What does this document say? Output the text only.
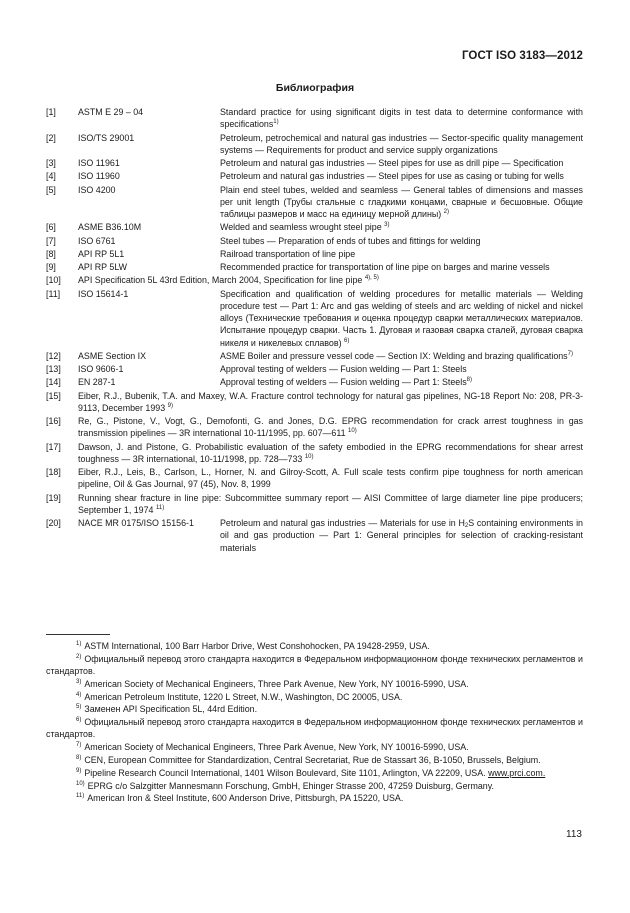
ГОСТ ISO 3183—2012
Библиография
[1] ASTM E 29 – 04	Standard practice for using significant digits in test data to determine conformance with specifications$^{1)}$
[2] ISO/TS 29001	Petroleum, petrochemical and natural gas industries — Sector-specific quality management systems — Requirements for product and service supply organizations
[3] ISO 11961	Petroleum and natural gas industries — Steel pipes for use as drill pipe — Specification
[4] ISO 11960	Petroleum and natural gas industries — Steel pipes for use as casing or tubing for wells
[5] ISO 4200	Plain end steel tubes, welded and seamless — General tables of dimensions and masses per unit length (Трубы стальные с гладкими концами, сварные и бесшовные. Общие таблицы размеров и масс на единицу мерной длины) $^{2)}$
[6] ASME B36.10M	Welded and seamless wrought steel pipe $^{3)}$
[7] ISO 6761	Steel tubes — Preparation of ends of tubes and fittings for welding
[8] API RP 5L1	Railroad transportation of line pipe
[9] API RP 5LW	Recommended practice for transportation of line pipe on barges and marine vessels
[10] API Specification 5L 43rd Edition, March 2004, Specification for line pipe $^{4), 5)}$
[11] ISO 15614-1	Specification and qualification of welding procedures for metallic materials — Welding procedure test — Part 1: Arc and gas welding of steels and arc welding of nickel and nickel alloys (Технические требования и оценка процедур сварки металлических материалов. Испытание процедур сварки. Часть 1. Дуговая и газовая сварка сталей, дуговая сварка никеля и никелевых сплавов) $^{6)}$
[12] ASME Section IX	ASME Boiler and pressure vessel code — Section IX: Welding and brazing qualifications$^{7)}$
[13] ISO 9606-1	Approval testing of welders — Fusion welding — Part 1: Steels
[14] EN 287-1	Approval testing of welders — Fusion welding — Part 1: Steels$^{8)}$
[15] Eiber, R.J., Bubenik, T.A. and Maxey, W.A. Fracture control technology for natural gas pipelines, NG-18 Report No: 208, PR-3-9113, December 1993 $^{9)}$
[16] Re, G., Pistone, V., Vogt, G., Demofonti, G. and Jones, D.G. EPRG recommendation for crack arrest toughness in gas transmission pipelines — 3R international 10-11/1995, pp. 607—611 $^{10)}$
[17] Dawson, J. and Pistone, G. Probabilistic evaluation of the safety embodied in the EPRG recommendations for shear arrest toughness — 3R international, 10-11/1998, pp. 728—733 $^{10)}$
[18] Eiber, R.J., Leis, B., Carlson, L., Horner, N. and Gilroy-Scott, A. Full scale tests confirm pipe toughness for north american pipeline, Oil & Gas Journal, 97 (45), Nov. 8, 1999
[19] Running shear fracture in line pipe: Subcommittee summary report — AISI Committee of large diameter line pipe producers; September 1, 1974 $^{11)}$
[20] NACE MR 0175/ISO 15156-1	Petroleum and natural gas industries — Materials for use in $H_2S$ containing environments in oil and gas production — Part 1: General principles for selection of cracking-resistant materials
$^{1)}$ ASTM International, 100 Barr Harbor Drive, West Conshohocken, PA 19428-2959, USA.
$^{2)}$ Официальный перевод этого стандарта находится в Федеральном информационном фонде технических регламентов и стандартов.
$^{3)}$ American Society of Mechanical Engineers, Three Park Avenue, New York, NY 10016-5990, USA.
$^{4)}$ American Petroleum Institute, 1220 L Street, N.W., Washington, DC 20005, USA.
$^{5)}$ Заменен API Specification 5L, 44rd Edition.
$^{6)}$ Официальный перевод этого стандарта находится в Федеральном информационном фонде технических регламентов и стандартов.
$^{7)}$ American Society of Mechanical Engineers, Three Park Avenue, New York, NY 10016-5990, USA.
$^{8)}$ CEN, European Committee for Standardization, Central Secretariat, Rue de Stassart 36, B-1050, Brussels, Belgium.
$^{9)}$ Pipeline Research Council International, 1401 Wilson Boulevard, Site 1101, Arlington, VA 22209, USA. www.prci.com.
$^{10)}$ EPRG c/o Salzgitter Mannesmann Forschung, GmbH, Ehinger Strasse 200, 47259 Duisburg, Germany.
$^{11)}$ American Iron & Steel Institute, 600 Anderson Drive, Pittsburgh, PA 15220, USA.
113
